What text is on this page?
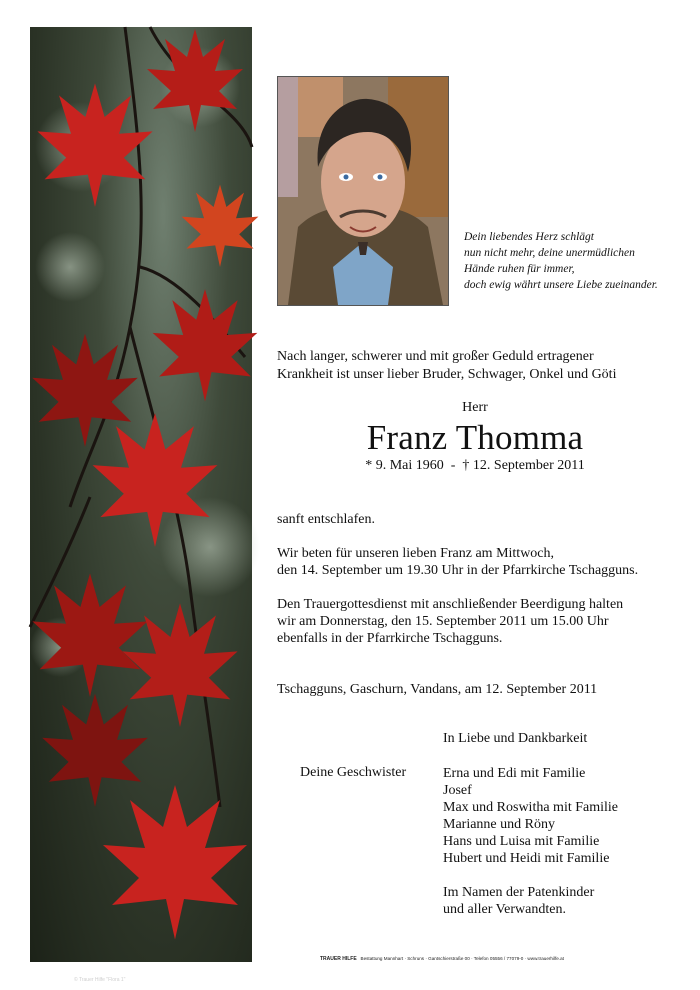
© Trauer Hilfe "Flora 1"
Dein liebendes Herz schlägt
nun nicht mehr, deine unermüdlichen
Hände ruhen für immer,
doch ewig währt unsere Liebe zueinander.
Nach langer, schwerer und mit großer Geduld ertragener
Krankheit ist unser lieber Bruder, Schwager, Onkel und Göti
Herr
Franz Thomma
* 9. Mai 1960  -  † 12. September 2011
sanft entschlafen.
Wir beten für unseren lieben Franz am Mittwoch,
den 14. September um 19.30 Uhr in der Pfarrkirche Tschagguns.
Den Trauergottesdienst mit anschließender Beerdigung halten
wir am Donnerstag, den 15. September 2011 um 15.00 Uhr
ebenfalls in der Pfarrkirche Tschagguns.
Tschagguns, Gaschurn, Vandans, am 12. September 2011
In Liebe und Dankbarkeit
Deine Geschwister	Erna und Edi mit Familie
Josef
Max und Roswitha mit Familie
Marianne und Röny
Hans und Luisa mit Familie
Hubert und Heidi mit Familie

Im Namen der Patenkinder
und aller Verwandten.
TRAUER HILFE Bestattung Mannhart · Schruns · Gantschierstraße 00 · Telefon 05556 / 77079-0 · www.trauerhilfe.at
